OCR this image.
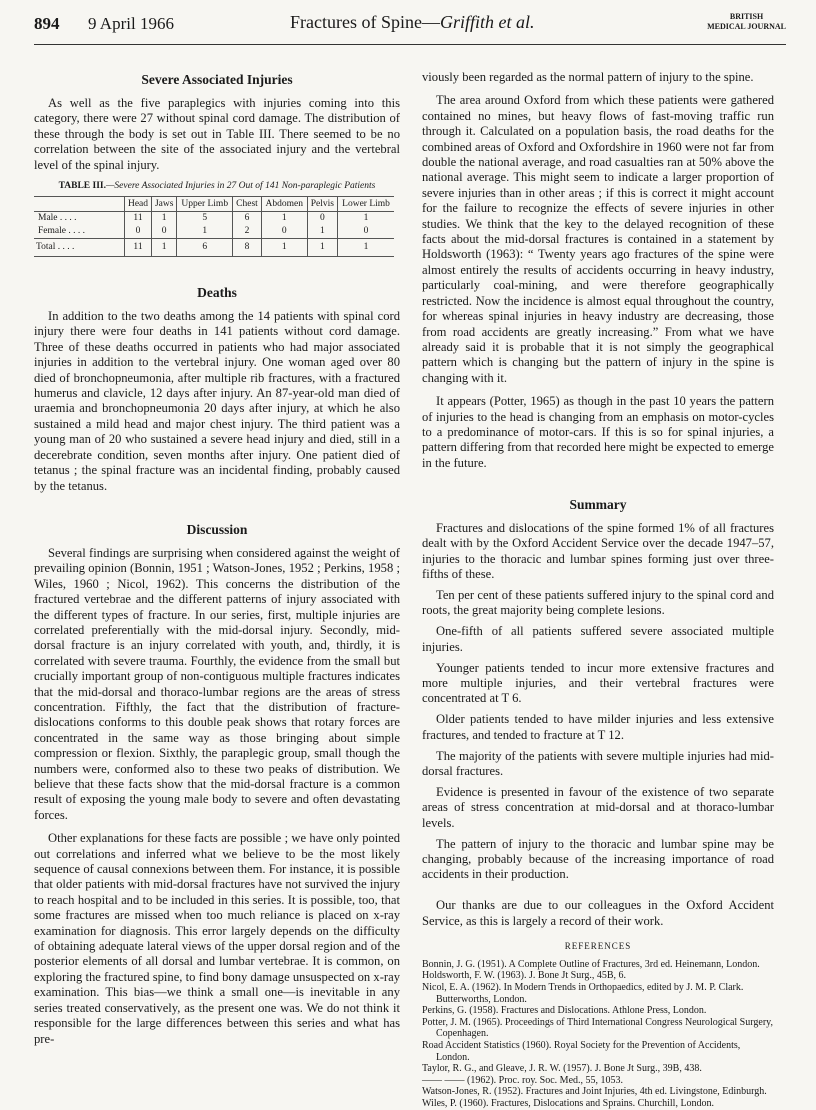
894 9 April 1966	Fractures of Spine—Griffith et al.	BRITISH
MEDICAL JOURNAL
Severe Associated Injuries

As well as the five paraplegics with injuries coming into this category, there were 27 without spinal cord damage. The distribution of these through the body is set out in Table III. There seemed to be no correlation between the site of the associated injury and the vertebral level of the spinal injury.

TABLE III.—Severe Associated Injuries in 27 Out of 141 Non-paraplegic Patients
	Head	Jaws	Upper Limb	Chest	Abdomen	Pelvis	Lower Limb
Male . . . .	11	1	5	6	1	0	1
Female . . . .	0	0	1	2	0	1	0
Total . . . .	11	1	6	8	1	1	1
Deaths

In addition to the two deaths among the 14 patients with spinal cord injury there were four deaths in 141 patients without cord damage. Three of these deaths occurred in patients who had major associated injuries in addition to the vertebral injury. One woman aged over 80 died of bronchopneumonia, after multiple rib fractures, with a fractured humerus and clavicle, 12 days after injury. An 87-year-old man died of uraemia and bronchopneumonia 20 days after injury, at which he also sustained a mild head and major chest injury. The third patient was a young man of 20 who sustained a severe head injury and died, still in a decerebrate condition, seven months after injury. One patient died of tetanus ; the spinal fracture was an incidental finding, probably caused by the tetanus.

Discussion

Several findings are surprising when considered against the weight of prevailing opinion (Bonnin, 1951 ; Watson-Jones, 1952 ; Perkins, 1958 ; Wiles, 1960 ; Nicol, 1962). This concerns the distribution of the fractured vertebrae and the different patterns of injury associated with the different types of fracture. In our series, first, multiple injuries are correlated preferentially with the mid-dorsal injury. Secondly, mid-dorsal fracture is an injury correlated with youth, and, thirdly, it is correlated with severe trauma. Fourthly, the evidence from the small but crucially important group of non-contiguous multiple fractures indicates that the mid-dorsal and thoraco-lumbar regions are the areas of stress concentration. Fifthly, the fact that the distribution of fracture-dislocations conforms to this double peak shows that rotary forces are concentrated in the same way as those bringing about simple compression or flexion. Sixthly, the paraplegic group, small though the numbers were, conformed also to these two peaks of distribution. We believe that these facts show that the mid-dorsal fracture is a common result of exposing the young male body to severe and often devastating forces.

Other explanations for these facts are possible ; we have only pointed out correlations and inferred what we believe to be the most likely sequence of causal connexions between them. For instance, it is possible that older patients with mid-dorsal fractures have not survived the injury to reach hospital and to be included in this series. It is possible, too, that some fractures are missed when too much reliance is placed on x-ray examination for diagnosis. This error largely depends on the difficulty of obtaining adequate lateral views of the upper dorsal region and of the posterior elements of all dorsal and lumbar vertebrae. It is common, on exploring the fractured spine, to find bony damage unsuspected on x-ray examination. This bias—we think a small one—is inevitable in any series treated conservatively, as the present one was. We do not think it responsible for the large differences between this series and what has pre-

viously been regarded as the normal pattern of injury to the spine.

The area around Oxford from which these patients were gathered contained no mines, but heavy flows of fast-moving traffic run through it. Calculated on a population basis, the road deaths for the combined areas of Oxford and Oxfordshire in 1960 were not far from double the national average, and road casualties ran at 50% above the national average. This might seem to indicate a larger proportion of severe injuries than in other areas ; if this is correct it might account for the failure to recognize the effects of severe injuries in other studies. We think that the key to the delayed recognition of these facts about the mid-dorsal fractures is contained in a statement by Holdsworth (1963): “ Twenty years ago fractures of the spine were almost entirely the results of accidents occurring in heavy industry, particularly coal-mining, and were therefore geographically restricted. Now the incidence is almost equal throughout the country, for whereas spinal injuries in heavy industry are decreasing, those from road accidents are greatly increasing.” From what we have already said it is probable that it is not simply the geographical pattern which is changing but the pattern of injury in the spine is changing with it.

It appears (Potter, 1965) as though in the past 10 years the pattern of injuries to the head is changing from an emphasis on motor-cycles to a predominance of motor-cars. If this is so for spinal injuries, a pattern differing from that recorded here might be expected to emerge in the future.

Summary

Fractures and dislocations of the spine formed 1% of all fractures dealt with by the Oxford Accident Service over the decade 1947–57, injuries to the thoracic and lumbar spines forming just over three-fifths of these.

Ten per cent of these patients suffered injury to the spinal cord and roots, the great majority being complete lesions.

One-fifth of all patients suffered severe associated multiple injuries.

Younger patients tended to incur more extensive fractures and more multiple injuries, and their vertebral fractures were concentrated at T 6.

Older patients tended to have milder injuries and less extensive fractures, and tended to fracture at T 12.

The majority of the patients with severe multiple injuries had mid-dorsal fractures.

Evidence is presented in favour of the existence of two separate areas of stress concentration at mid-dorsal and at thoraco-lumbar levels.

The pattern of injury to the thoracic and lumbar spine may be changing, probably because of the increasing importance of road accidents in their production.

Our thanks are due to our colleagues in the Oxford Accident Service, as this is largely a record of their work.

REFERENCES
Bonnin, J. G. (1951). A Complete Outline of Fractures, 3rd ed. Heinemann, London.
Holdsworth, F. W. (1963). J. Bone Jt Surg., 45B, 6.
Nicol, E. A. (1962). In Modern Trends in Orthopaedics, edited by J. M. P. Clark. Butterworths, London.
Perkins, G. (1958). Fractures and Dislocations. Athlone Press, London.
Potter, J. M. (1965). Proceedings of Third International Congress Neurological Surgery, Copenhagen.
Road Accident Statistics (1960). Royal Society for the Prevention of Accidents, London.
Taylor, R. G., and Gleave, J. R. W. (1957). J. Bone Jt Surg., 39B, 438.
—— —— (1962). Proc. roy. Soc. Med., 55, 1053.
Watson-Jones, R. (1952). Fractures and Joint Injuries, 4th ed. Livingstone, Edinburgh.
Wiles, P. (1960). Fractures, Dislocations and Sprains. Churchill, London.
